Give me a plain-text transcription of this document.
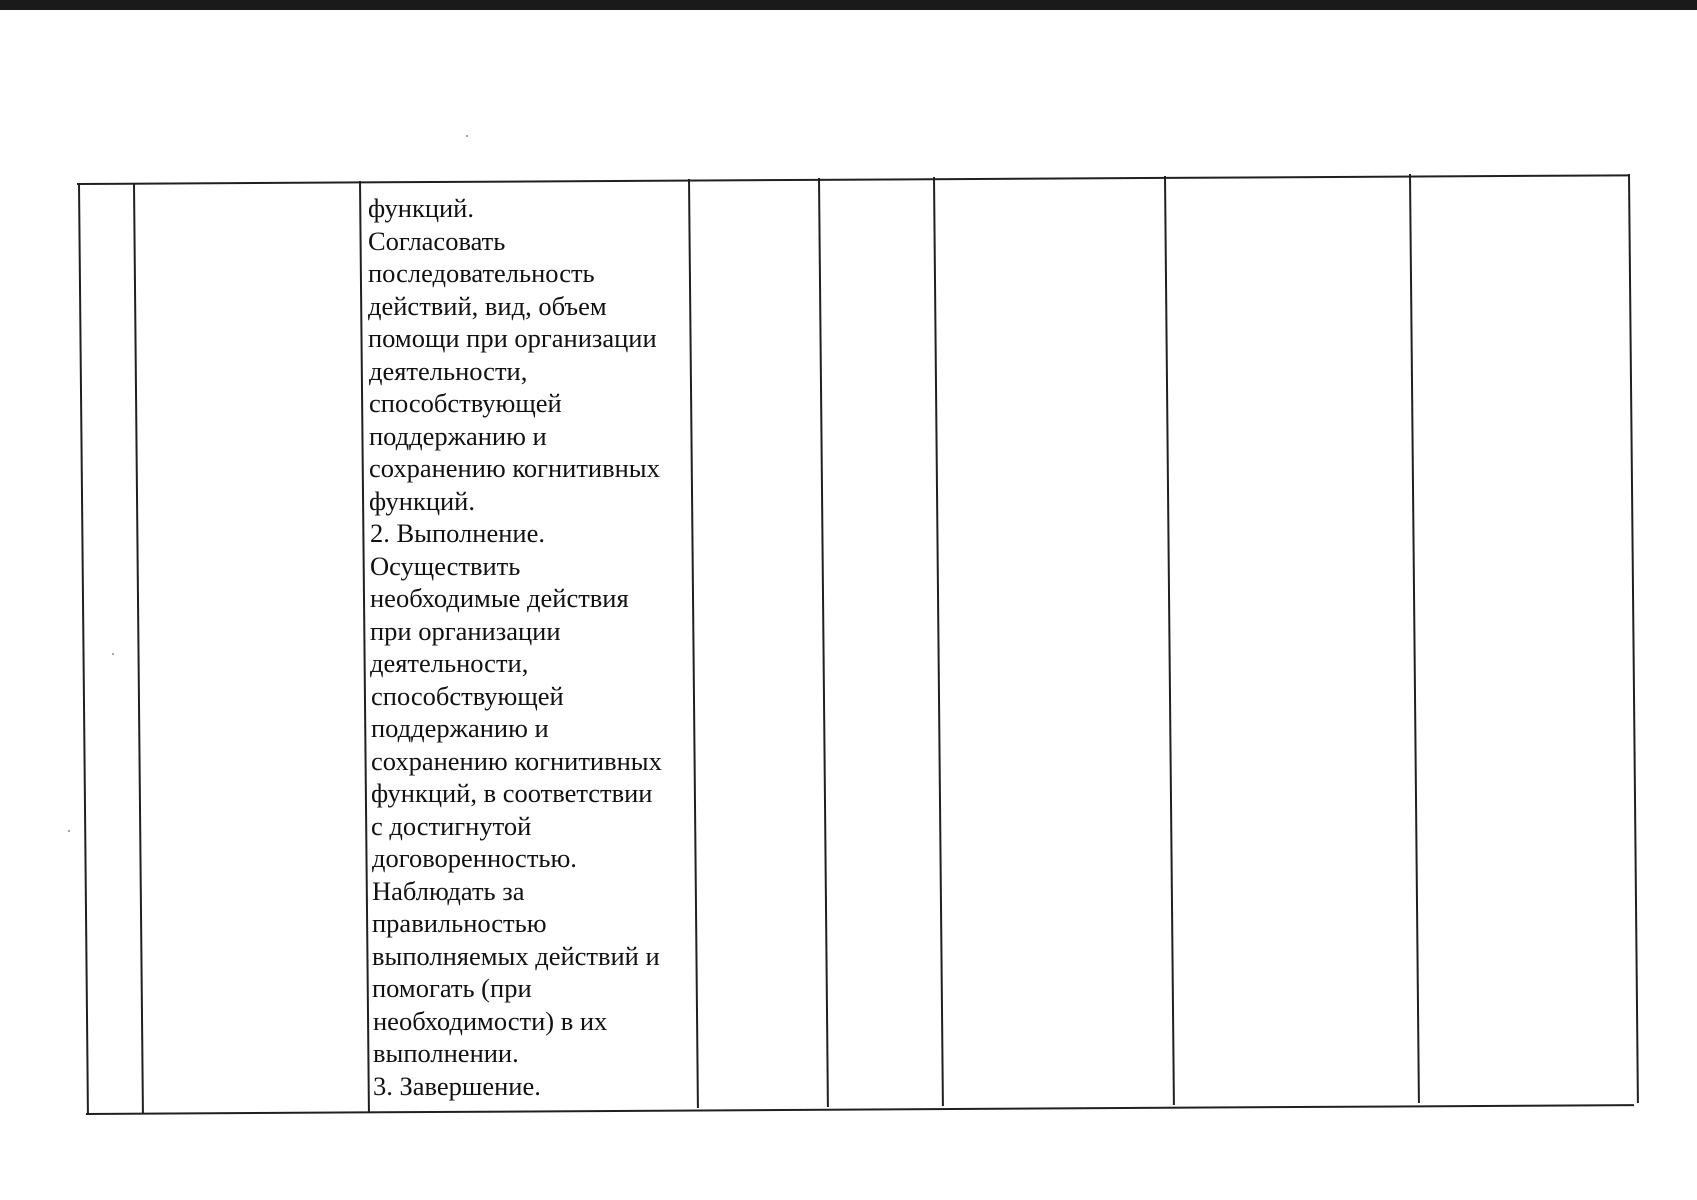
функций.
Согласовать
последовательность
действий, вид, объем
помощи при организации
деятельности,
способствующей
поддержанию и
сохранению когнитивных
функций.
2. Выполнение.
Осуществить
необходимые действия
при организации
деятельности,
способствующей
поддержанию и
сохранению когнитивных
функций, в соответствии
с достигнутой
договоренностью.
Наблюдать за
правильностью
выполняемых действий и
помогать (при
необходимости) в их
выполнении.
3. Завершение.
